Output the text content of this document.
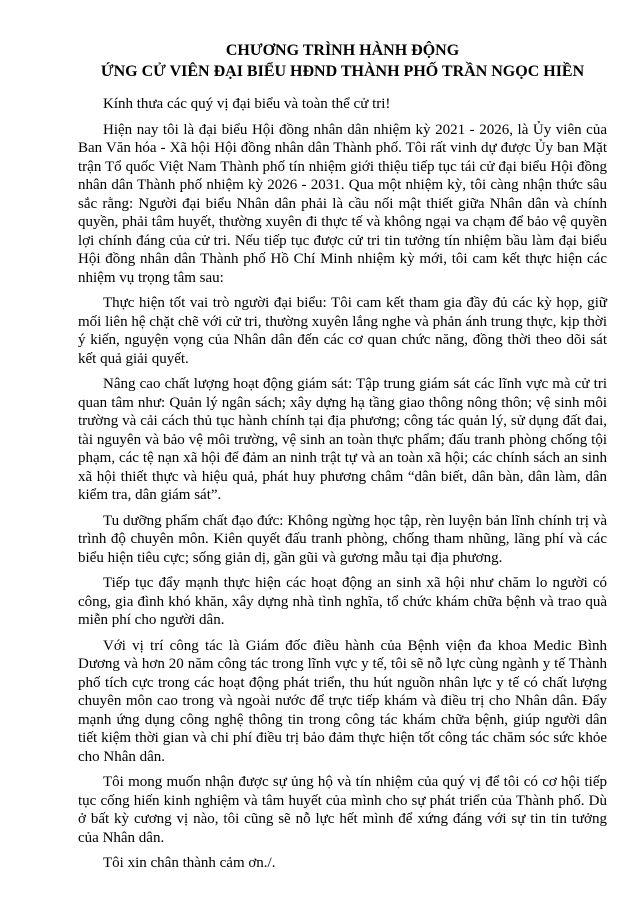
CHƯƠNG TRÌNH HÀNH ĐỘNG
ỨNG CỬ VIÊN ĐẠI BIỂU HĐND THÀNH PHỐ TRẦN NGỌC HIỀN

Kính thưa các quý vị đại biểu và toàn thể cử tri!

Hiện nay tôi là đại biểu Hội đồng nhân dân nhiệm kỳ 2021 - 2026, là Ủy viên của Ban Văn hóa - Xã hội Hội đồng nhân dân Thành phố. Tôi rất vinh dự được Ủy ban Mặt trận Tổ quốc Việt Nam Thành phố tín nhiệm giới thiệu tiếp tục tái cử đại biểu Hội đồng nhân dân Thành phố nhiệm kỳ 2026 - 2031. Qua một nhiệm kỳ, tôi càng nhận thức sâu sắc rằng: Người đại biểu Nhân dân phải là cầu nối mật thiết giữa Nhân dân và chính quyền, phải tâm huyết, thường xuyên đi thực tế và không ngại va chạm để bảo vệ quyền lợi chính đáng của cử tri. Nếu tiếp tục được cử tri tin tưởng tín nhiệm bầu làm đại biểu Hội đồng nhân dân Thành phố Hồ Chí Minh nhiệm kỳ mới, tôi cam kết thực hiện các nhiệm vụ trọng tâm sau:

Thực hiện tốt vai trò người đại biểu: Tôi cam kết tham gia đầy đủ các kỳ họp, giữ mối liên hệ chặt chẽ với cử tri, thường xuyên lắng nghe và phản ánh trung thực, kịp thời ý kiến, nguyện vọng của Nhân dân đến các cơ quan chức năng, đồng thời theo dõi sát kết quả giải quyết.

Nâng cao chất lượng hoạt động giám sát: Tập trung giám sát các lĩnh vực mà cử tri quan tâm như: Quản lý ngân sách; xây dựng hạ tầng giao thông nông thôn; vệ sinh môi trường và cải cách thủ tục hành chính tại địa phương; công tác quản lý, sử dụng đất đai, tài nguyên và bảo vệ môi trường, vệ sinh an toàn thực phẩm; đấu tranh phòng chống tội phạm, các tệ nạn xã hội để đảm an ninh trật tự và an toàn xã hội; các chính sách an sinh xã hội thiết thực và hiệu quả, phát huy phương châm “dân biết, dân bàn, dân làm, dân kiểm tra, dân giám sát”.

Tu dưỡng phẩm chất đạo đức: Không ngừng học tập, rèn luyện bản lĩnh chính trị và trình độ chuyên môn. Kiên quyết đấu tranh phòng, chống tham nhũng, lãng phí và các biểu hiện tiêu cực; sống giản dị, gần gũi và gương mẫu tại địa phương.

Tiếp tục đẩy mạnh thực hiện các hoạt động an sinh xã hội như chăm lo người có công, gia đình khó khăn, xây dựng nhà tình nghĩa, tổ chức khám chữa bệnh và trao quà miễn phí cho người dân.

Với vị trí công tác là Giám đốc điều hành của Bệnh viện đa khoa Medic Bình Dương và hơn 20 năm công tác trong lĩnh vực y tế, tôi sẽ nỗ lực cùng ngành y tế Thành phố tích cực trong các hoạt động phát triển, thu hút nguồn nhân lực y tế có chất lượng chuyên môn cao trong và ngoài nước để trực tiếp khám và điều trị cho Nhân dân. Đẩy mạnh ứng dụng công nghệ thông tin trong công tác khám chữa bệnh, giúp người dân tiết kiệm thời gian và chi phí điều trị bảo đảm thực hiện tốt công tác chăm sóc sức khỏe cho Nhân dân.

Tôi mong muốn nhận được sự ủng hộ và tín nhiệm của quý vị để tôi có cơ hội tiếp tục cống hiến kinh nghiệm và tâm huyết của mình cho sự phát triển của Thành phố. Dù ở bất kỳ cương vị nào, tôi cũng sẽ nỗ lực hết mình để xứng đáng với sự tin tin tưởng của Nhân dân.

Tôi xin chân thành cảm ơn./.
